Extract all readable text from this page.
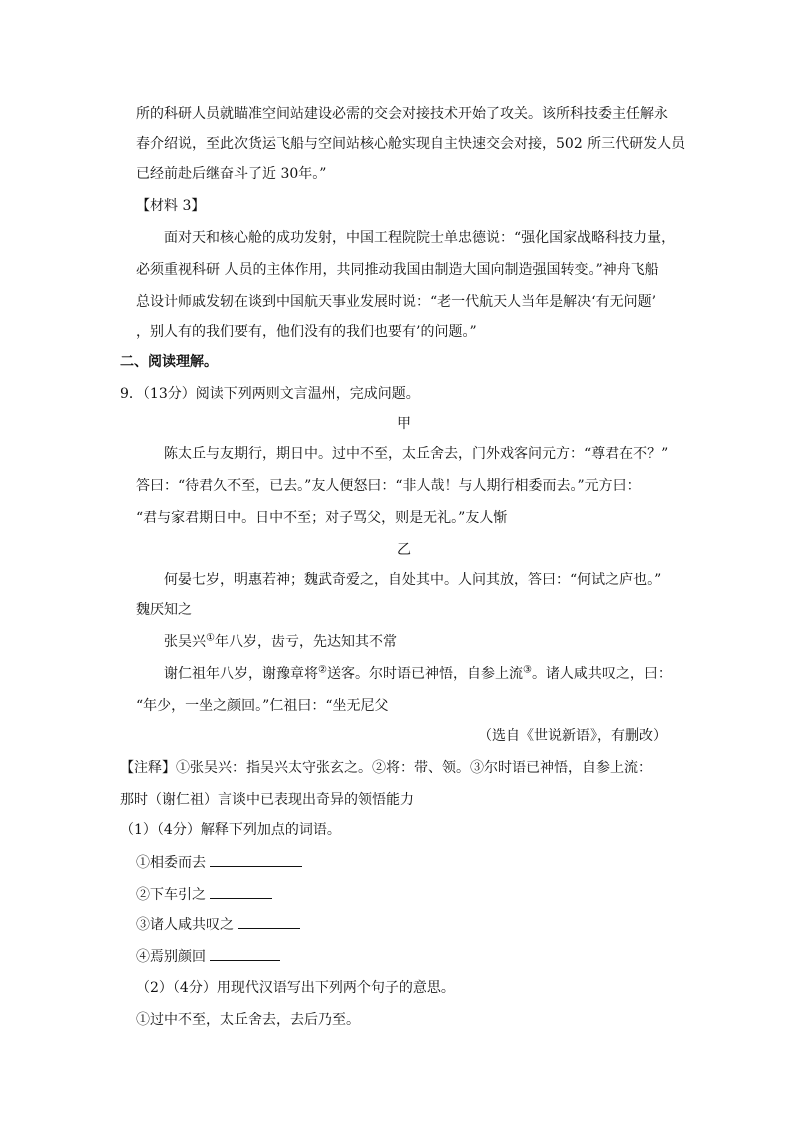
所的科研人员就瞄准空间站建设必需的交会对接技术开始了攻关。该所科技委主任解永
春介绍说，至此次货运飞船与空间站核心舱实现自主快速交会对接，502 所三代研发人员
已经前赴后继奋斗了近 30年。”
【材料 3】
面对天和核心舱的成功发射，中国工程院院士单忠德说：“强化国家战略科技力量，
必须重视科研 人员的主体作用，共同推动我国由制造大国向制造强国转变。”神舟飞船
总设计师戚发轫在谈到中国航天事业发展时说：“老一代航天人当年是解决‘有无问题’
，别人有的我们要有，他们没有的我们也要有’的问题。”
二、阅读理解。
9．（13分）阅读下列两则文言温州，完成问题。
甲
陈太丘与友期行，期日中。过中不至，太丘舍去，门外戏客问元方：“尊君在不？”
答曰：“待君久不至，已去。”友人便怒曰：“非人哉！与人期行相委而去。”元方曰：
“君与家君期日中。日中不至；对子骂父，则是无礼。”友人惭
乙
何晏七岁，明惠若神；魏武奇爱之，自处其中。人问其放，答曰：“何试之庐也。”
魏厌知之
张吴兴①年八岁，齿亏，先达知其不常
谢仁祖年八岁，谢豫章将②送客。尔时语已神悟，自参上流③。诸人咸共叹之，曰：
“年少，一坐之颜回。”仁祖曰：“坐无尼父
（选自《世说新语》，有删改）
【注释】①张吴兴：指吴兴太守张玄之。②将：带、领。③尔时语已神悟，自参上流：
那时（谢仁祖）言谈中已表现出奇异的领悟能力
（1）（4分）解释下列加点的词语。
①相委而去
②下车引之
③诸人咸共叹之
④焉别颜回
（2）（4分）用现代汉语写出下列两个句子的意思。
①过中不至，太丘舍去，去后乃至。
